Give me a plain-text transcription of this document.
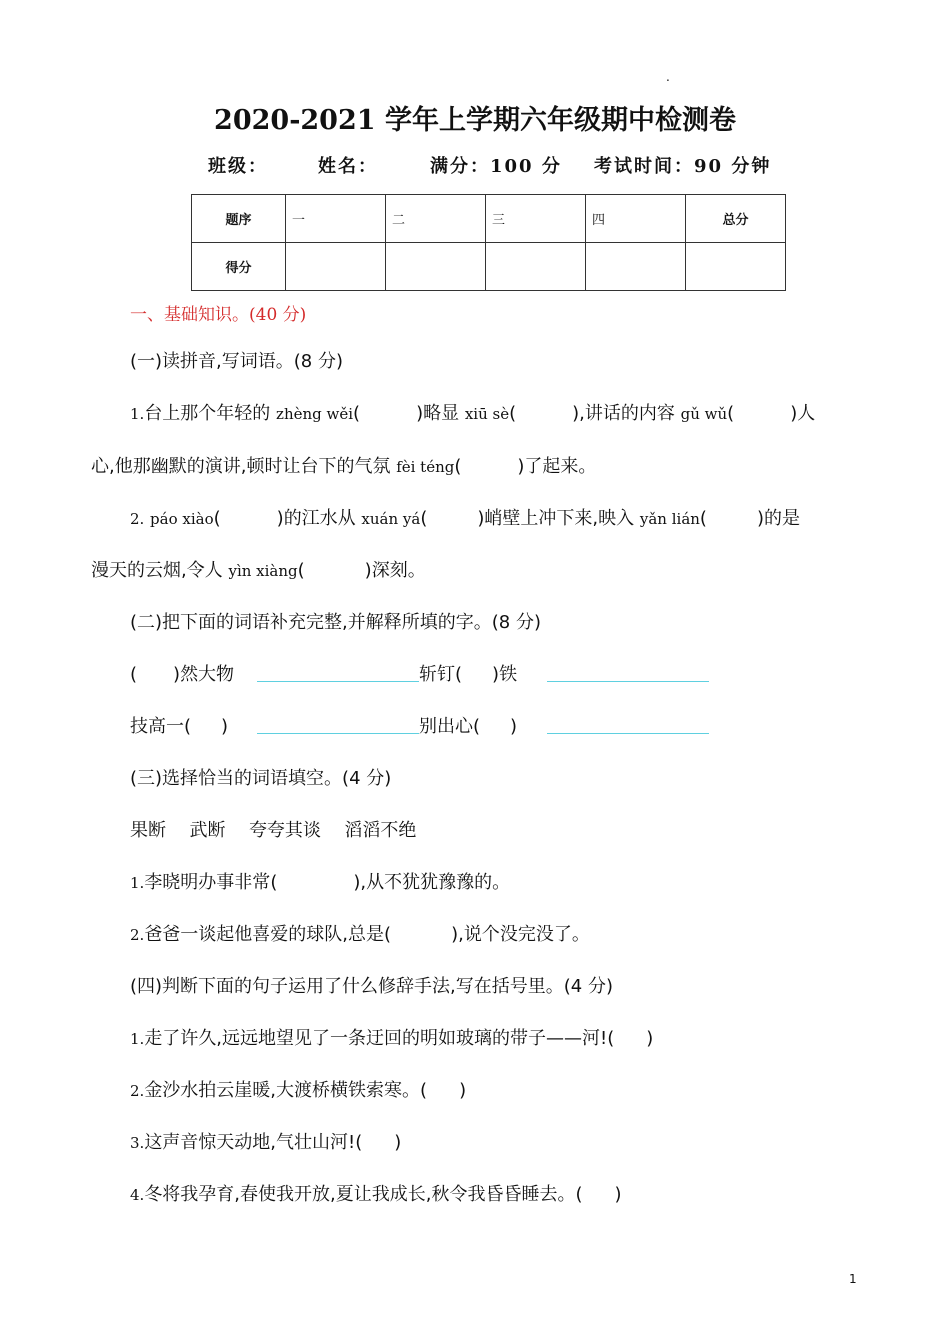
.
2020-2021 学年上学期六年级期中检测卷
班级：	姓名：	满分：100 分 考试时间：90 分钟
题序	一	二	三	四	总分
得分					
一、基础知识。(40 分)
(一)读拼音,写词语。(8 分)
1.台上那个年轻的 zhèng wěi(	)略显 xiū sè(	),讲话的内容 gǔ wǔ(	)人
心,他那幽默的演讲,顿时让台下的气氛 fèi téng(	)了起来。
2. páo xiào(	)的江水从 xuán yá(	)峭壁上冲下来,映入 yǎn lián(	)的是
漫天的云烟,令人 yìn xiàng(	)深刻。
(二)把下面的词语补充完整,并解释所填的字。(8 分)
( )然大物	斩钉( )铁
技高一( )	别出心( )
(三)选择恰当的词语填空。(4 分)
果断 武断 夸夸其谈 滔滔不绝
1.李晓明办事非常(	),从不犹犹豫豫的。
2.爸爸一谈起他喜爱的球队,总是(	),说个没完没了。
(四)判断下面的句子运用了什么修辞手法,写在括号里。(4 分)
1.走了许久,远远地望见了一条迂回的明如玻璃的带子——河!( )
2.金沙水拍云崖暖,大渡桥横铁索寒。( )
3.这声音惊天动地,气壮山河!( )
4.冬将我孕育,春使我开放,夏让我成长,秋令我昏昏睡去。( )
1
